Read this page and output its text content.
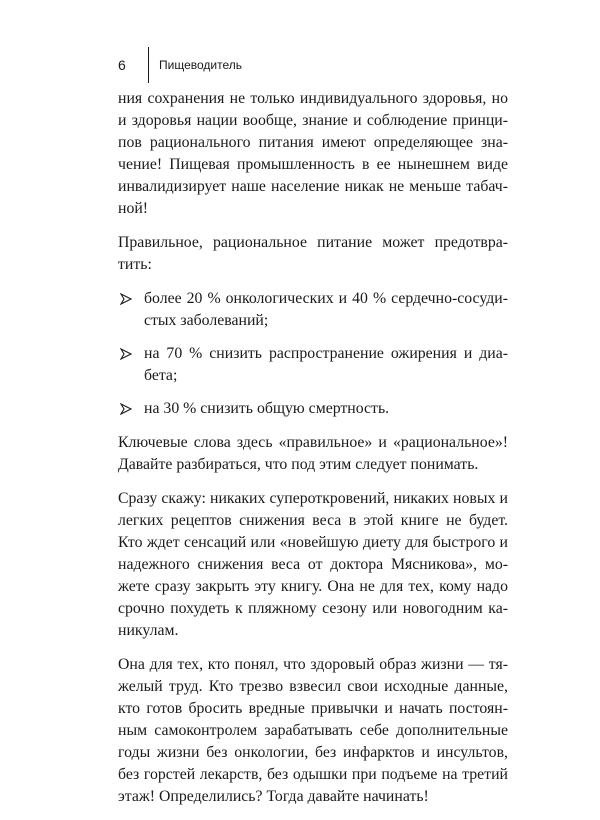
6	Пищеводитель

ния сохранения не только индивидуального здоровья, но и здоровья нации вообще, знание и соблюдение принципов рационального питания имеют определяющее значение! Пищевая промышленность в ее нынешнем виде инвалидизирует наше население никак не меньше табачной!

Правильное, рациональное питание может предотвратить:

более 20 % онкологических и 40 % сердечно-сосудистых заболеваний;
на 70 % снизить распространение ожирения и диабета;
на 30 % снизить общую смертность.

Ключевые слова здесь «правильное» и «рациональное»! Давайте разбираться, что под этим следует понимать.

Сразу скажу: никаких супероткровений, никаких новых и легких рецептов снижения веса в этой книге не будет. Кто ждет сенсаций или «новейшую диету для быстрого и надежного снижения веса от доктора Мясникова», можете сразу закрыть эту книгу. Она не для тех, кому надо срочно похудеть к пляжному сезону или новогодним каникулам.

Она для тех, кто понял, что здоровый образ жизни — тяжелый труд. Кто трезво взвесил свои исходные данные, кто готов бросить вредные привычки и начать постоянным самоконтролем зарабатывать себе дополнительные годы жизни без онкологии, без инфарктов и инсультов, без горстей лекарств, без одышки при подъеме на третий этаж! Определились? Тогда давайте начинать!
